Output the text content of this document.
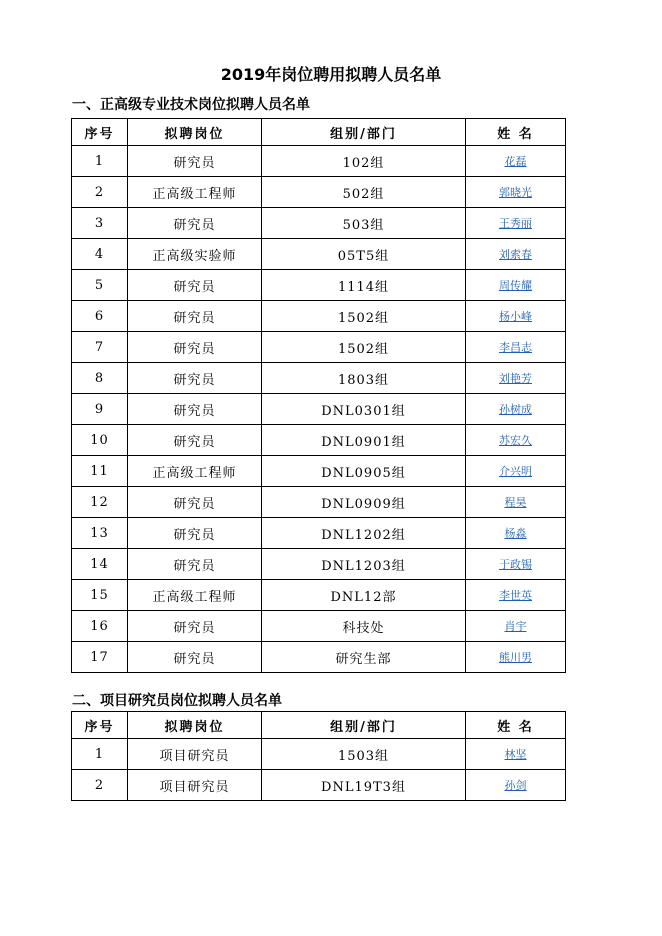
2019年岗位聘用拟聘人员名单
一、正高级专业技术岗位拟聘人员名单
序号	拟聘岗位	组别/部门	姓 名
1	研究员	102组	花磊
2	正高级工程师	502组	郭晓光
3	研究员	503组	王秀丽
4	正高级实验师	05T5组	刘索春
5	研究员	1114组	周传耀
6	研究员	1502组	杨小峰
7	研究员	1502组	李昌志
8	研究员	1803组	刘艳芳
9	研究员	DNL0301组	孙树成
10	研究员	DNL0901组	苏宏久
11	正高级工程师	DNL0905组	介兴明
12	研究员	DNL0909组	程昊
13	研究员	DNL1202组	杨淼
14	研究员	DNL1203组	于政锡
15	正高级工程师	DNL12部	李世英
16	研究员	科技处	肖宇
17	研究员	研究生部	熊川男
二、项目研究员岗位拟聘人员名单
序号	拟聘岗位	组别/部门	姓 名
1	项目研究员	1503组	林坚
2	项目研究员	DNL19T3组	孙剑
